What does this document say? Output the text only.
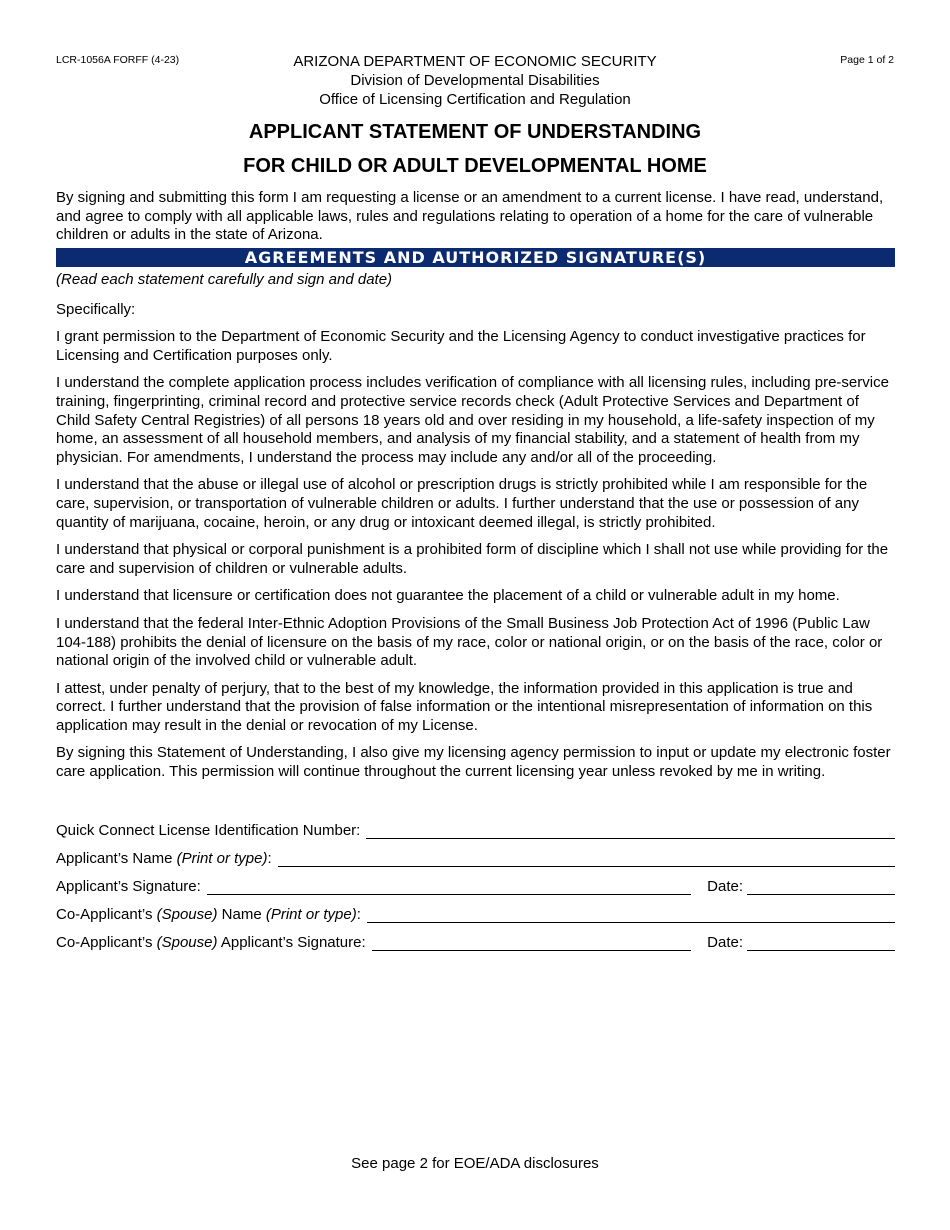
LCR-1056A FORFF (4-23)	Page 1 of 2
ARIZONA DEPARTMENT OF ECONOMIC SECURITY
Division of Developmental Disabilities
Office of Licensing Certification and Regulation
APPLICANT STATEMENT OF UNDERSTANDING
FOR CHILD OR ADULT DEVELOPMENTAL HOME
By signing and submitting this form I am requesting a license or an amendment to a current license. I have read, understand, and agree to comply with all applicable laws, rules and regulations relating to operation of a home for the care of vulnerable children or adults in the state of Arizona.
AGREEMENTS AND AUTHORIZED SIGNATURE(S)

(Read each statement carefully and sign and date)

Specifically:

I grant permission to the Department of Economic Security and the Licensing Agency to conduct investigative practices for Licensing and Certification purposes only.

I understand the complete application process includes verification of compliance with all licensing rules, including pre-service training, fingerprinting, criminal record and protective service records check (Adult Protective Services and Department of Child Safety Central Registries) of all persons 18 years old and over residing in my household, a life-safety inspection of my home, an assessment of all household members, and analysis of my financial stability, and a statement of health from my physician. For amendments, I understand the process may include any and/or all of the proceeding.

I understand that the abuse or illegal use of alcohol or prescription drugs is strictly prohibited while I am responsible for the care, supervision, or transportation of vulnerable children or adults. I further understand that the use or possession of any quantity of marijuana, cocaine, heroin, or any drug or intoxicant deemed illegal, is strictly prohibited.

I understand that physical or corporal punishment is a prohibited form of discipline which I shall not use while providing for the care and supervision of children or vulnerable adults.

I understand that licensure or certification does not guarantee the placement of a child or vulnerable adult in my home.

I understand that the federal Inter-Ethnic Adoption Provisions of the Small Business Job Protection Act of 1996 (Public Law 104-188) prohibits the denial of licensure on the basis of my race, color or national origin, or on the basis of the race, color or national origin of the involved child or vulnerable adult.

I attest, under penalty of perjury, that to the best of my knowledge, the information provided in this application is true and correct. I further understand that the provision of false information or the intentional misrepresentation of information on this application may result in the denial or revocation of my License.

By signing this Statement of Understanding, I also give my licensing agency permission to input or update my electronic foster care application. This permission will continue throughout the current licensing year unless revoked by me in writing.

Quick Connect License Identification Number:
Applicant’s Name (Print or type):
Applicant’s Signature:	Date:
Co-Applicant’s (Spouse) Name (Print or type):
Co-Applicant’s (Spouse) Applicant’s Signature:	Date:
See page 2 for EOE/ADA disclosures
